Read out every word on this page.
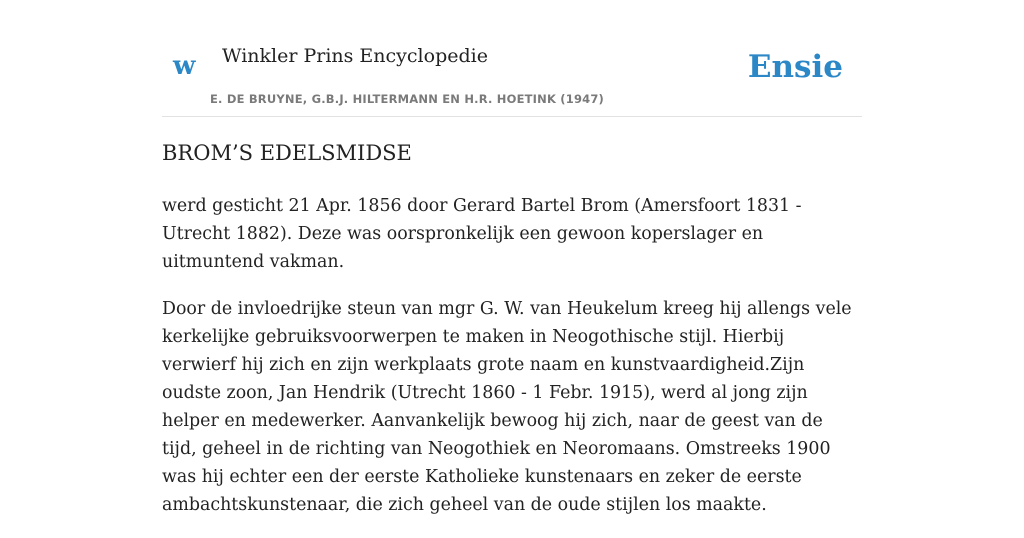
w Winkler Prins Encyclopedie
E. DE BRUYNE, G.B.J. HILTERMANN EN H.R. HOETINK (1947)
Ensie
BROM’S EDELSMIDSE

werd gesticht 21 Apr. 1856 door Gerard Bartel Brom (Amersfoort 1831 - Utrecht 1882). Deze was oorspronkelijk een gewoon koperslager en uitmuntend vakman.

Door de invloedrijke steun van mgr G. W. van Heukelum kreeg hij allengs vele kerkelijke gebruiksvoorwerpen te maken in Neogothische stijl. Hierbij verwierf hij zich en zijn werkplaats grote naam en kunstvaardigheid.Zijn oudste zoon, Jan Hendrik (Utrecht 1860 - 1 Febr. 1915), werd al jong zijn helper en medewerker. Aanvankelijk bewoog hij zich, naar de geest van de tijd, geheel in de richting van Neogothiek en Neoromaans. Omstreeks 1900 was hij echter een der eerste Katholieke kunstenaars en zeker de eerste ambachtskunstenaar, die zich geheel van de oude stijlen los maakte.
